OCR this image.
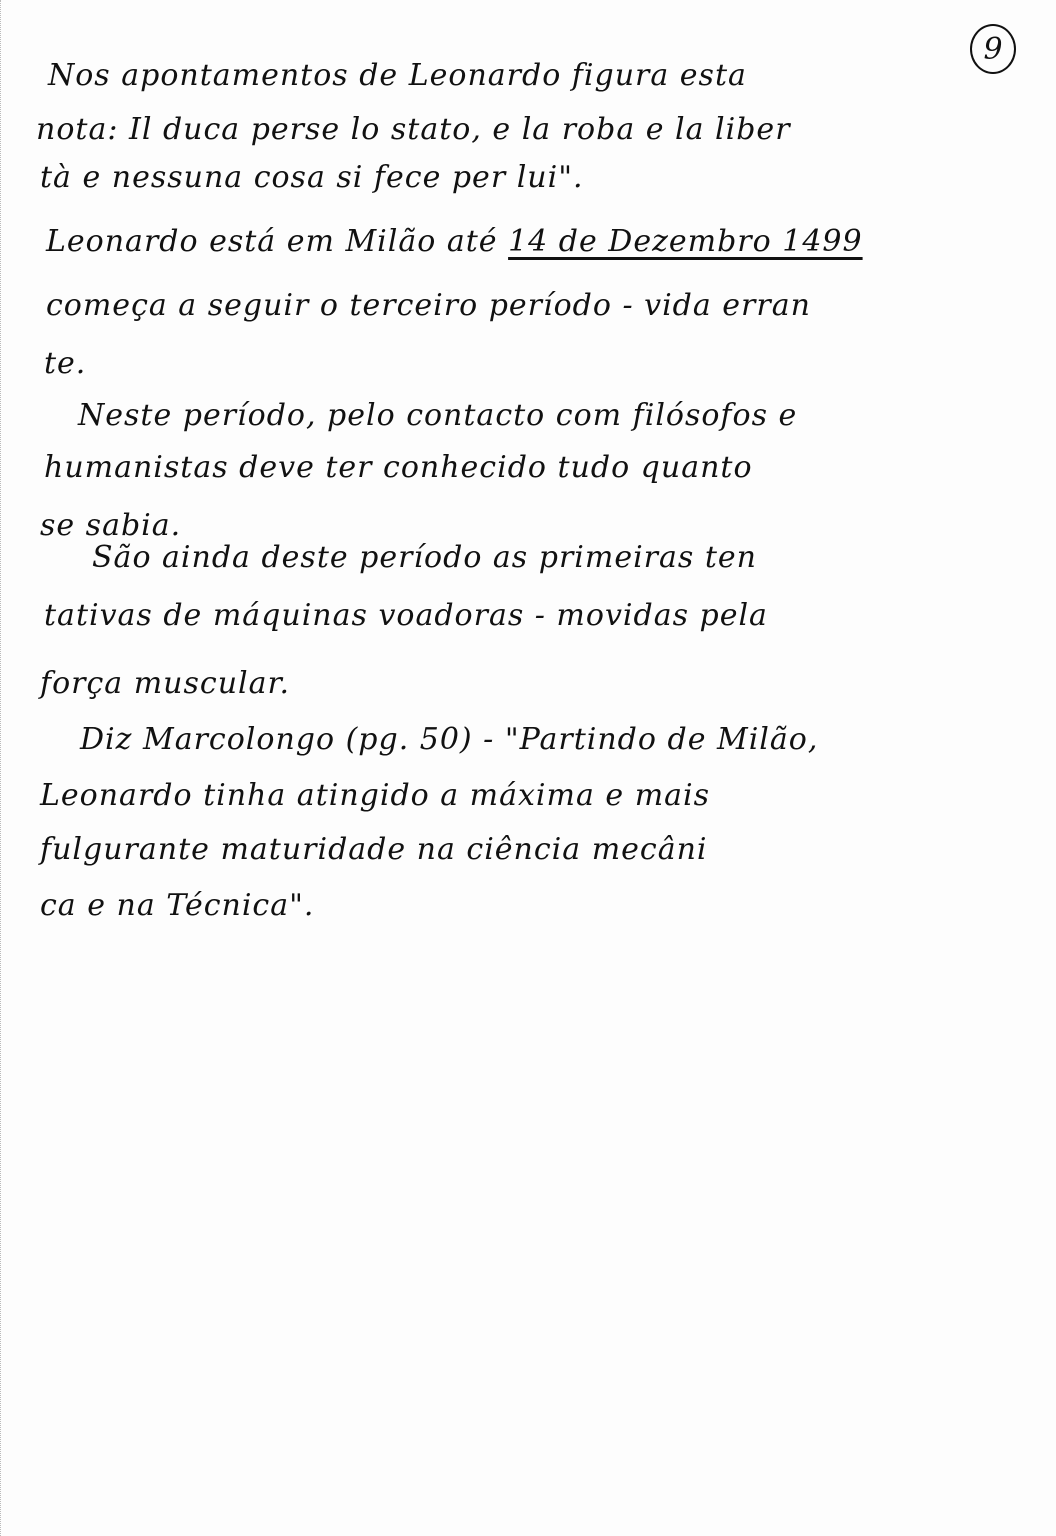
9
Nos apontamentos de Leonardo figura esta
nota: Il duca perse lo stato, e la roba e la liber
tà e nessuna cosa si fece per lui".
Leonardo está em Milão até 14 de Dezembro 1499
começa a seguir o terceiro período - vida erran
te.
Neste período, pelo contacto com filósofos e
humanistas deve ter conhecido tudo quanto
se sabia.
São ainda deste período as primeiras ten
tativas de máquinas voadoras - movidas pela
força muscular.
Diz Marcolongo (pg. 50) - "Partindo de Milão,
Leonardo tinha atingido a máxima e mais
fulgurante maturidade na ciência mecâni
ca e na Técnica".
